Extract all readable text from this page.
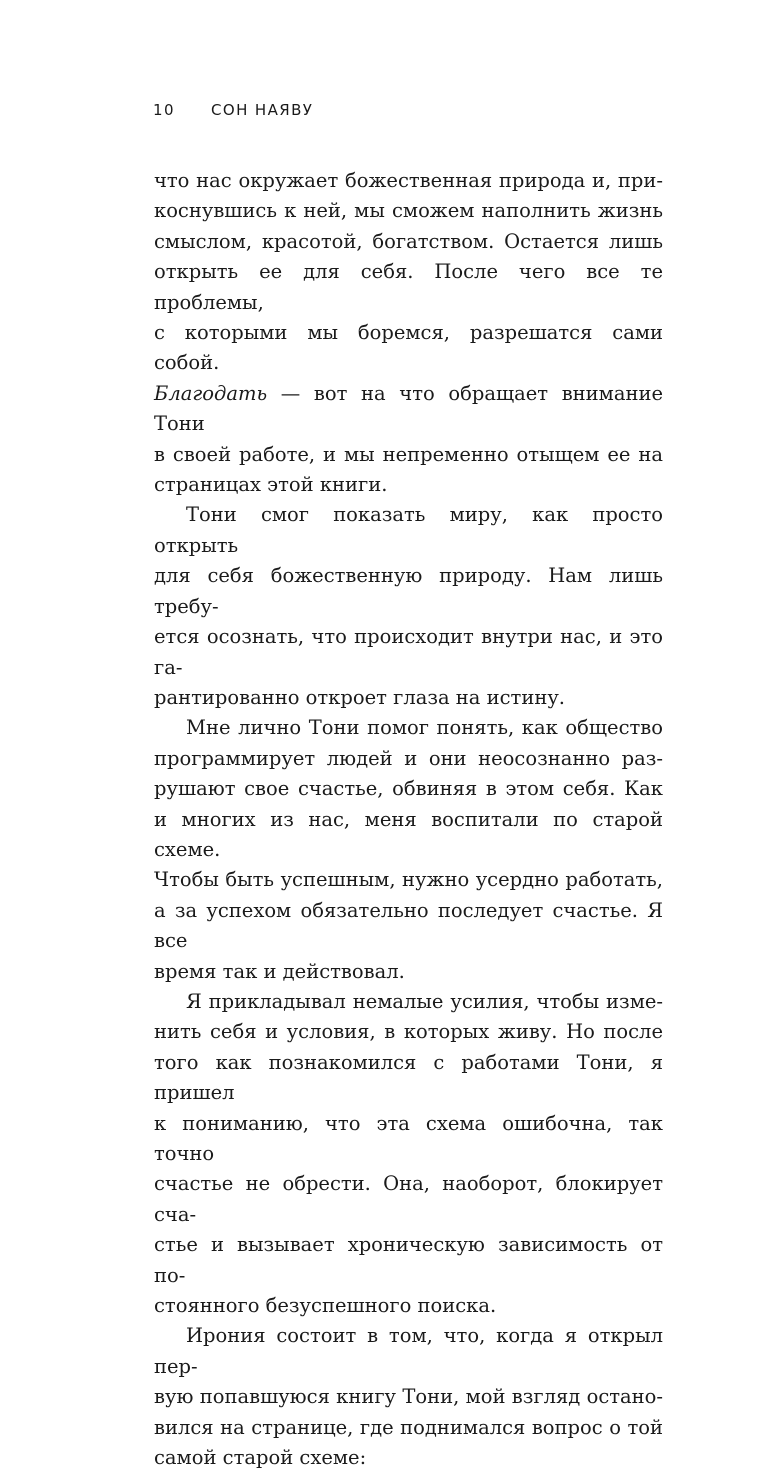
10 СОН НАЯВУ
что нас окружает божественная природа и, при-
коснувшись к ней, мы сможем наполнить жизнь
смыслом, красотой, богатством. Остается лишь
открыть ее для себя. После чего все те проблемы,
с которыми мы боремся, разрешатся сами собой.
Благодать — вот на что обращает внимание Тони
в своей работе, и мы непременно отыщем ее на
страницах этой книги.
Тони смог показать миру, как просто открыть
для себя божественную природу. Нам лишь требу-
ется осознать, что происходит внутри нас, и это га-
рантированно откроет глаза на истину.
Мне лично Тони помог понять, как общество
программирует людей и они неосознанно раз-
рушают свое счастье, обвиняя в этом себя. Как
и многих из нас, меня воспитали по старой схеме.
Чтобы быть успешным, нужно усердно работать,
а за успехом обязательно последует счастье. Я все
время так и действовал.
Я прикладывал немалые усилия, чтобы изме-
нить себя и условия, в которых живу. Но после
того как познакомился с работами Тони, я пришел
к пониманию, что эта схема ошибочна, так точно
счастье не обрести. Она, наоборот, блокирует сча-
стье и вызывает хроническую зависимость от по-
стоянного безуспешного поиска.
Ирония состоит в том, что, когда я открыл пер-
вую попавшуюся книгу Тони, мой взгляд остано-
вился на странице, где поднимался вопрос о той
самой старой схеме:
